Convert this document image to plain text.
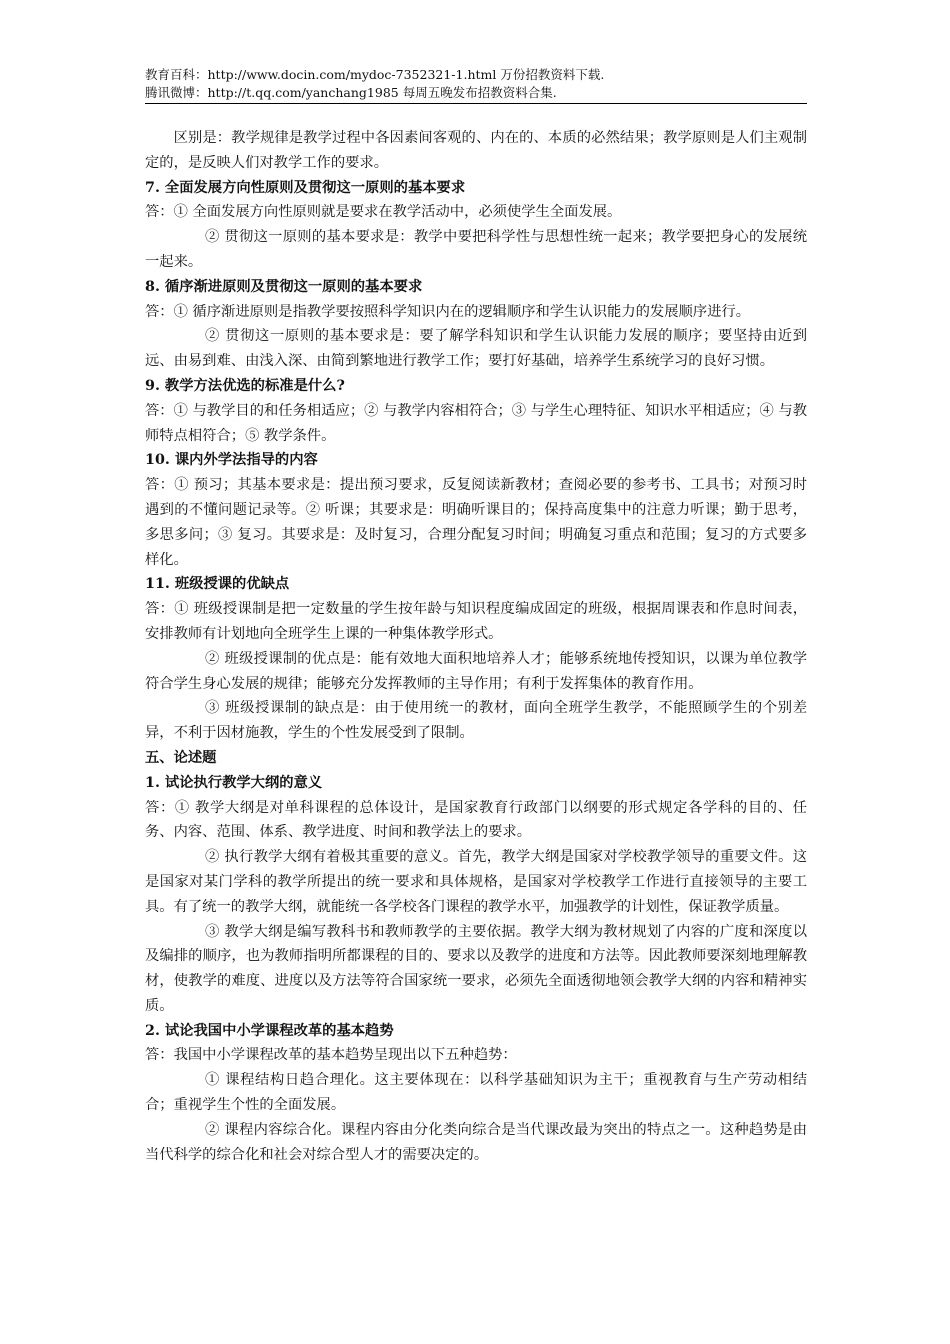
教育百科：http://www.docin.com/mydoc-7352321-1.html 万份招教资料下载.
腾讯微博：http://t.qq.com/yanchang1985 每周五晚发布招教资料合集.

区别是：教学规律是教学过程中各因素间客观的、内在的、本质的必然结果；教学原则是人们主观制定的，是反映人们对教学工作的要求。

7. 全面发展方向性原则及贯彻这一原则的基本要求

答：① 全面发展方向性原则就是要求在教学活动中，必须使学生全面发展。

② 贯彻这一原则的基本要求是：教学中要把科学性与思想性统一起来；教学要把身心的发展统一起来。

8. 循序渐进原则及贯彻这一原则的基本要求

答：① 循序渐进原则是指教学要按照科学知识内在的逻辑顺序和学生认识能力的发展顺序进行。

② 贯彻这一原则的基本要求是：要了解学科知识和学生认识能力发展的顺序；要坚持由近到远、由易到难、由浅入深、由简到繁地进行教学工作；要打好基础，培养学生系统学习的良好习惯。

9. 教学方法优选的标准是什么?

答：① 与教学目的和任务相适应；② 与教学内容相符合；③ 与学生心理特征、知识水平相适应；④ 与教师特点相符合；⑤ 教学条件。

10. 课内外学法指导的内容

答：① 预习；其基本要求是：提出预习要求，反复阅读新教材；查阅必要的参考书、工具书；对预习时遇到的不懂问题记录等。② 听课；其要求是：明确听课目的；保持高度集中的注意力听课；勤于思考，多思多问；③ 复习。其要求是：及时复习，合理分配复习时间；明确复习重点和范围；复习的方式要多样化。

11. 班级授课的优缺点

答：① 班级授课制是把一定数量的学生按年龄与知识程度编成固定的班级，根据周课表和作息时间表，安排教师有计划地向全班学生上课的一种集体教学形式。

② 班级授课制的优点是：能有效地大面积地培养人才；能够系统地传授知识，以课为单位教学符合学生身心发展的规律；能够充分发挥教师的主导作用；有利于发挥集体的教育作用。

③ 班级授课制的缺点是：由于使用统一的教材，面向全班学生教学，不能照顾学生的个别差异，不利于因材施教，学生的个性发展受到了限制。

五、论述题

1. 试论执行教学大纲的意义

答：① 教学大纲是对单科课程的总体设计，是国家教育行政部门以纲要的形式规定各学科的目的、任务、内容、范围、体系、教学进度、时间和教学法上的要求。

② 执行教学大纲有着极其重要的意义。首先，教学大纲是国家对学校教学领导的重要文件。这是国家对某门学科的教学所提出的统一要求和具体规格，是国家对学校教学工作进行直接领导的主要工具。有了统一的教学大纲，就能统一各学校各门课程的教学水平，加强教学的计划性，保证教学质量。

③ 教学大纲是编写教科书和教师教学的主要依据。教学大纲为教材规划了内容的广度和深度以及编排的顺序，也为教师指明所都课程的目的、要求以及教学的进度和方法等。因此教师要深刻地理解教材，使教学的难度、进度以及方法等符合国家统一要求，必须先全面透彻地领会教学大纲的内容和精神实质。

2. 试论我国中小学课程改革的基本趋势

答：我国中小学课程改革的基本趋势呈现出以下五种趋势：

① 课程结构日趋合理化。这主要体现在：以科学基础知识为主干；重视教育与生产劳动相结合；重视学生个性的全面发展。

② 课程内容综合化。课程内容由分化类向综合是当代课改最为突出的特点之一。这种趋势是由当代科学的综合化和社会对综合型人才的需要决定的。
